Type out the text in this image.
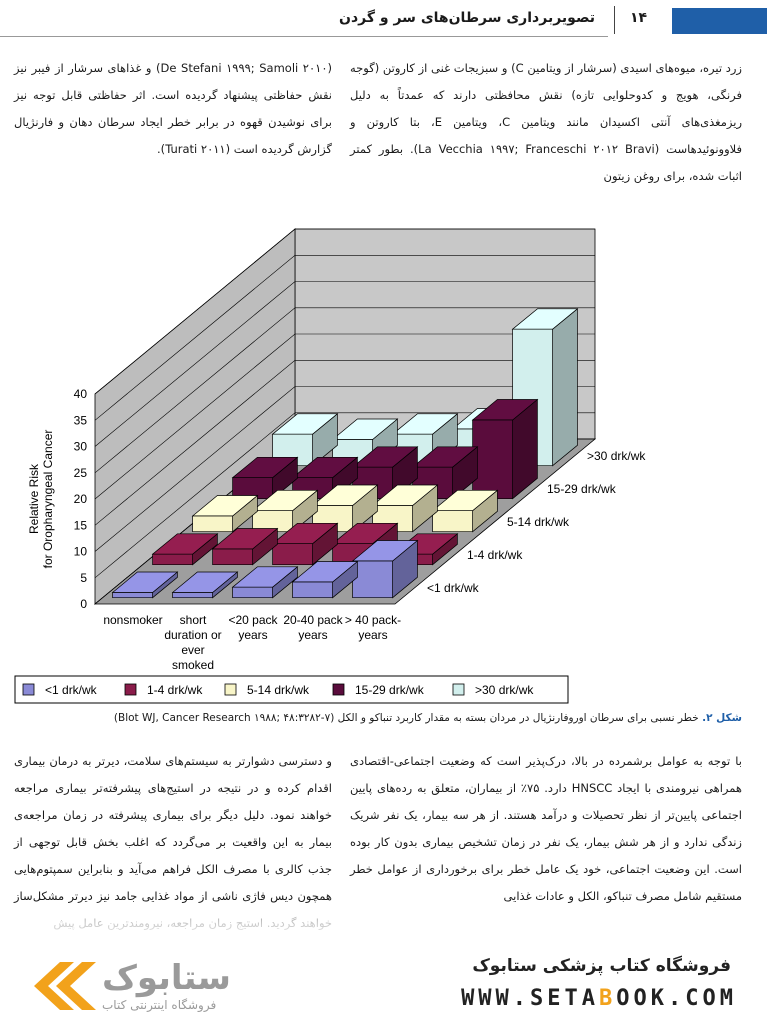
تصویربرداری سرطان‌های سر و گردن	۱۴
زرد تیره، میوه‌های اسیدی (سرشار از ویتامین C) و سبزیجات غنی از کاروتن (گوجه فرنگی، هویج و کدوحلوایی تازه) نقش محافظتی دارند که عمدتاً به دلیل ریزمغذی‌های آنتی اکسیدان مانند ویتامین C، ویتامین E، بتا کاروتن و فلاوونوئیدهاست (La Vecchia ۱۹۹۷; Franceschi ۲۰۱۲ Bravi). بطور کمتر اثبات شده، برای روغن زیتون
(De Stefani ۱۹۹۹; Samoli ۲۰۱۰) و غذاهای سرشار از فیبر نیز نقش حفاظتی پیشنهاد گردیده است. اثر حفاظتی قابل توجه نیز برای نوشیدن قهوه در برابر خطر ایجاد سرطان دهان و فارنژیال گزارش گردیده است (Turati ۲۰۱۱).
0
5
10
15
20
25
30
35
40
Relative Risk for Oropharyngeal Cancer	>30 drk/wk
15-29 drk/wk
5-14 drk/wk
1-4 drk/wk
<1 drk/wk
nonsmoker short
duration or
ever
smoked
<20 pack
years
20-40 pack
years
> 40 pack-
years
<1 drk/wk	1-4 drk/wk	5-14 drk/wk	15-29 drk/wk	>30 drk/wk
شکل ۲. خطر نسبی برای سرطان اوروفارنژیال در مردان بسته به مقدار کاربرد تنباکو و الکل (Blot WJ, Cancer Research ۱۹۸۸; ۴۸:۳۲۸۲-۷)
با توجه به عوامل برشمرده در بالا، درک‌پذیر است که وضعیت اجتماعی-اقتصادی همراهی نیرومندی با ایجاد HNSCC دارد. ۷۵٪ از بیماران، متعلق به رده‌های پایین اجتماعی پایین‌تر از نظر تحصیلات و درآمد هستند. از هر سه بیمار، یک نفر شریک زندگی ندارد و از هر شش بیمار، یک نفر در زمان تشخیص بیماری بدون کار بوده است. این وضعیت اجتماعی، خود یک عامل خطر برای برخورداری از عوامل خطر مستقیم شامل مصرف تنباکو، الکل و عادات غذایی
و دسترسی دشوارتر به سیستم‌های سلامت، دیرتر به درمان بیماری اقدام کرده و در نتیجه در استیج‌های پیشرفته‌تر بیماری مراجعه خواهند نمود. دلیل دیگر برای بیماری پیشرفته در زمان مراجعه‌ی بیمار به این واقعیت بر می‌گردد که اغلب بخش قابل توجهی از جذب کالری با مصرف الکل فراهم می‌آید و بنابراین سمپتوم‌هایی همچون دیس فاژی ناشی از مواد غذایی جامد نیز دیرتر مشکل‌ساز
ستابوک
فروشگاه اینترنتی کتاب
فروشگاه کتاب پزشکی ستابوک
WWW.SETABOOK.COM
